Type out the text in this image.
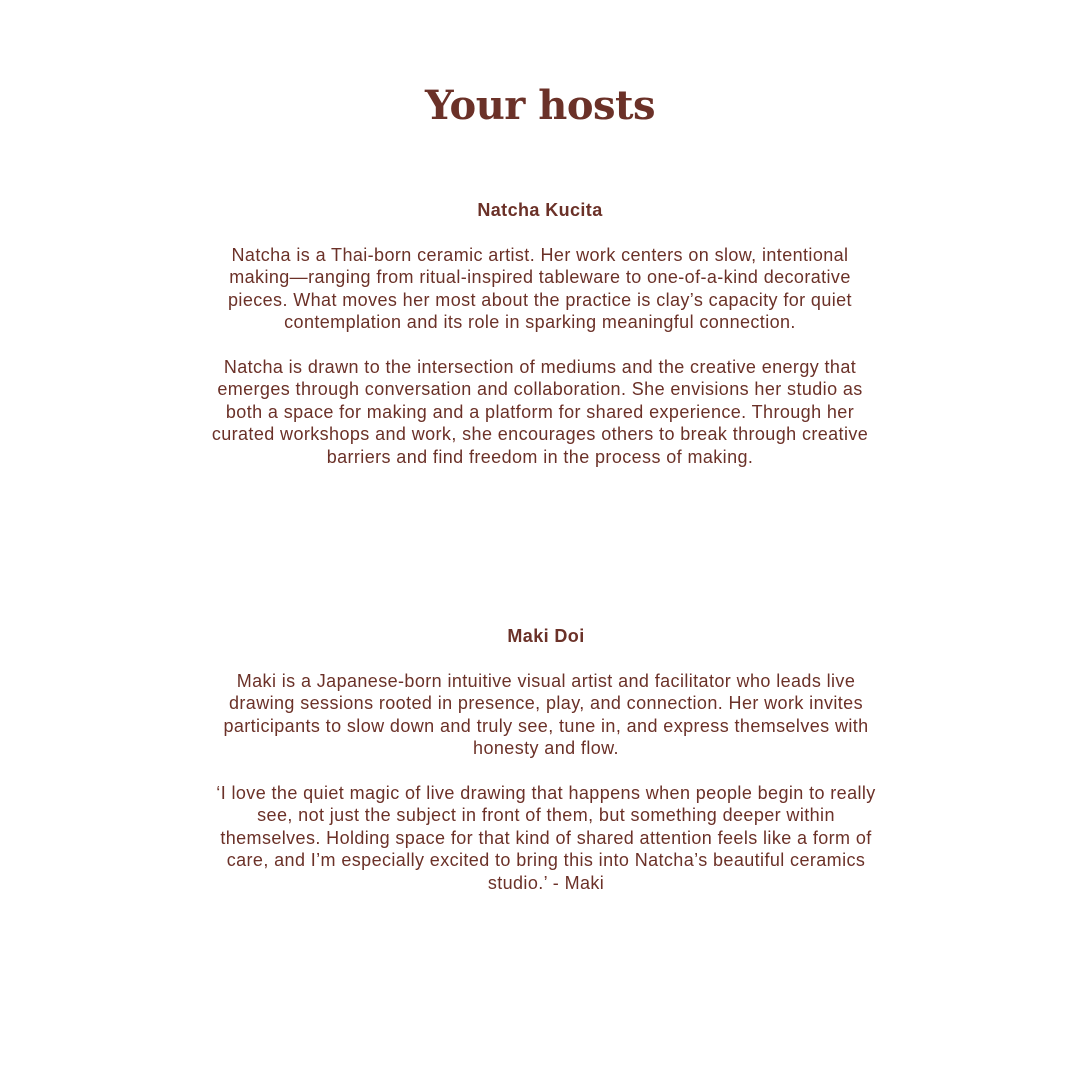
Your hosts

Natcha Kucita

Natcha is a Thai-born ceramic artist. Her work centers on slow, intentional making—ranging from ritual-inspired tableware to one-of-a-kind decorative pieces. What moves her most about the practice is clay’s capacity for quiet contemplation and its role in sparking meaningful connection.

Natcha is drawn to the intersection of mediums and the creative energy that emerges through conversation and collaboration. She envisions her studio as both a space for making and a platform for shared experience. Through her curated workshops and work, she encourages others to break through creative barriers and find freedom in the process of making.

Maki Doi

Maki is a Japanese-born intuitive visual artist and facilitator who leads live drawing sessions rooted in presence, play, and connection. Her work invites participants to slow down and truly see, tune in, and express themselves with honesty and flow.

‘I love the quiet magic of live drawing that happens when people begin to really see, not just the subject in front of them, but something deeper within themselves. Holding space for that kind of shared attention feels like a form of care, and I’m especially excited to bring this into Natcha’s beautiful ceramics studio.’ - Maki
